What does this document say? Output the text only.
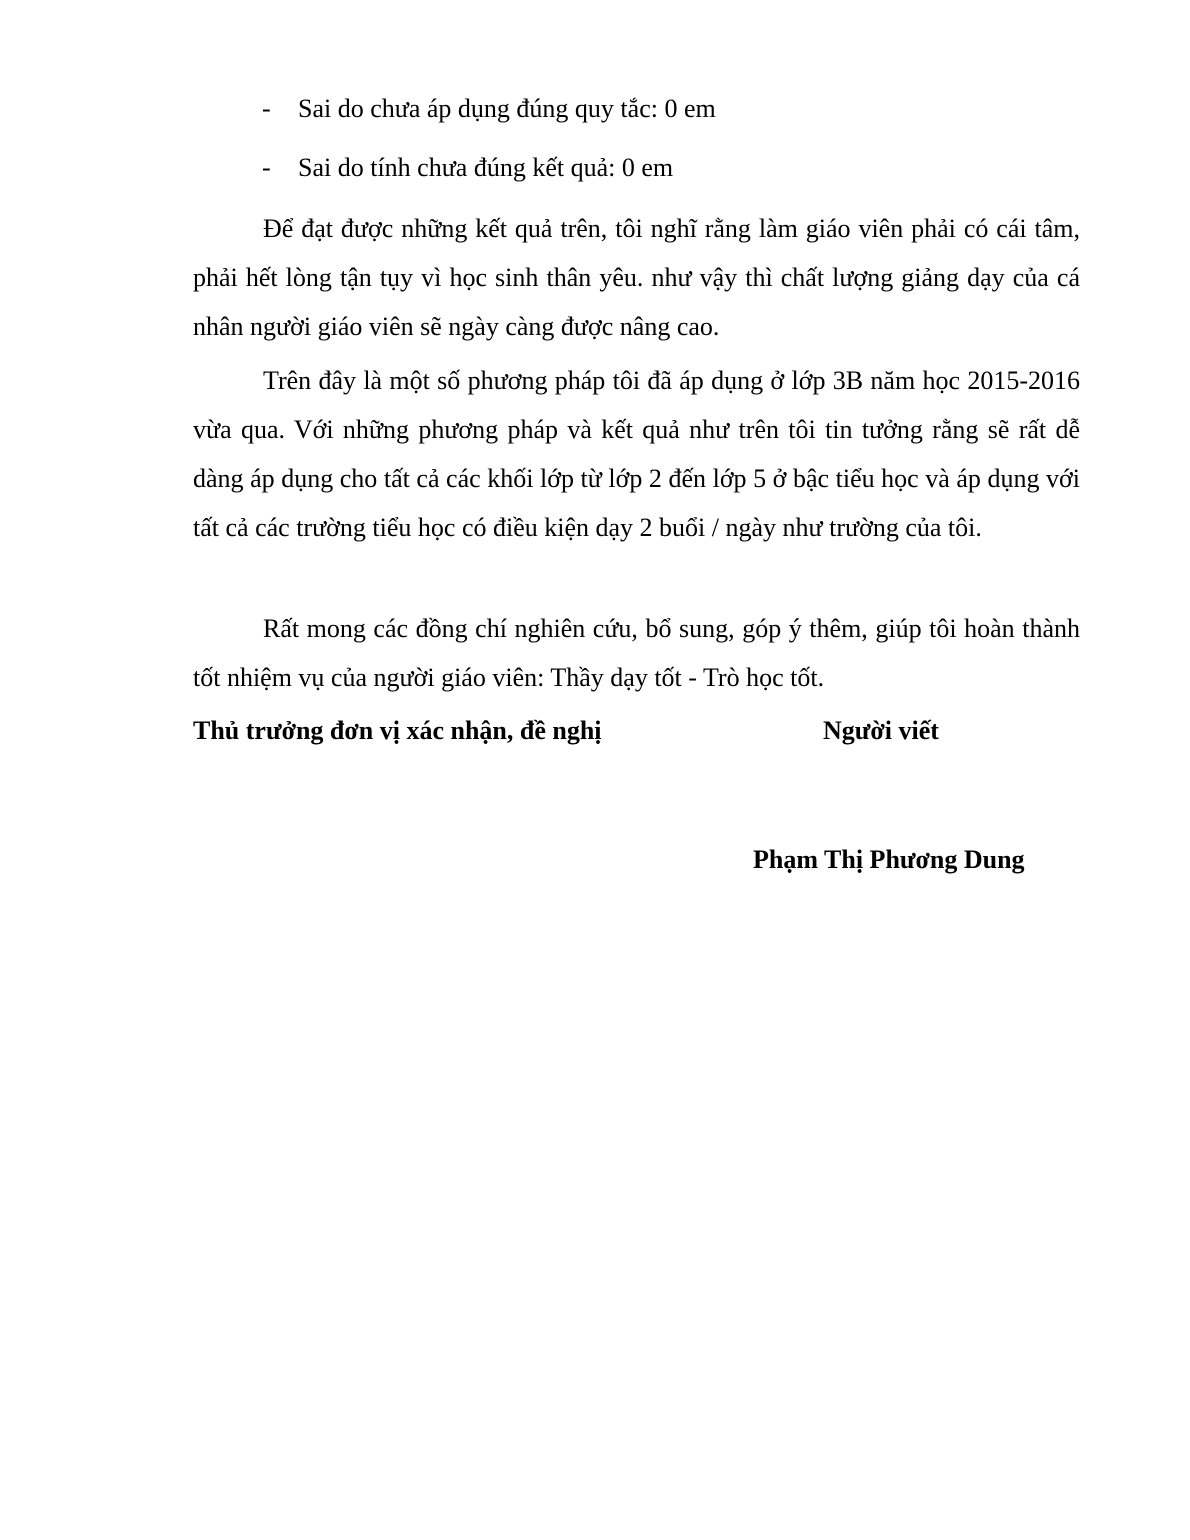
- Sai do chưa áp dụng đúng quy tắc: 0 em
- Sai do tính chưa đúng kết quả: 0 em

Để đạt được những kết quả trên, tôi nghĩ rằng làm giáo viên phải có cái tâm, phải hết lòng tận tụy vì học sinh thân yêu. như vậy thì chất lượng giảng dạy của cá nhân người giáo viên sẽ ngày càng được nâng cao.

Trên đây là một số phương pháp tôi đã áp dụng ở lớp 3B năm học 2015-2016 vừa qua. Với những phương pháp và kết quả như trên tôi tin tưởng rằng sẽ rất dễ dàng áp dụng cho tất cả các khối lớp từ lớp 2 đến lớp 5 ở bậc tiểu học và áp dụng với tất cả các trường tiểu học có điều kiện dạy 2 buổi / ngày như trường của tôi.

Rất mong các đồng chí nghiên cứu, bổ sung, góp ý thêm, giúp tôi hoàn thành tốt nhiệm vụ của người giáo viên: Thầy dạy tốt - Trò học tốt.

Thủ trưởng đơn vị xác nhận, đề nghị	Người viết
Phạm Thị Phương Dung
